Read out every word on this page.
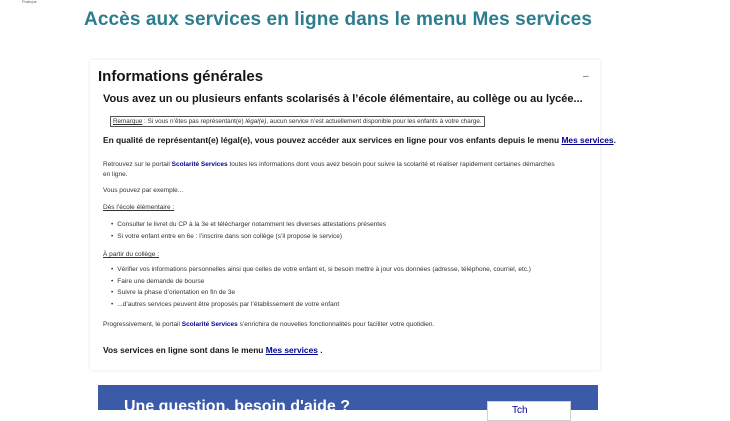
Pratique
Accès aux services en ligne dans le menu Mes services
Informations générales	–
Vous avez un ou plusieurs enfants scolarisés à l’école élémentaire, au collège ou au lycée...
Remarque : Si vous n’êtes pas représentant(e) légal(e), aucun service n’est actuellement disponible pour les enfants à votre charge.
En qualité de représentant(e) légal(e), vous pouvez accéder aux services en ligne pour vos enfants depuis le menu Mes services.
Retrouvez sur le portail Scolarité Services toutes les informations dont vous avez besoin pour suivre la scolarité et réaliser rapidement certaines démarches en ligne.
Vous pouvez par exemple...
Dès l’école élémentaire :
• Consulter le livret du CP à la 3e et télécharger notamment les diverses attestations présentes
• Si votre enfant entre en 6e : l’inscrire dans son collège (s’il propose le service)
À partir du collège :
• Vérifier vos informations personnelles ainsi que celles de votre enfant et, si besoin mettre à jour vos données (adresse, téléphone, courriel, etc.)
• Faire une demande de bourse
• Suivre la phase d’orientation en fin de 3e
• ...d’autres services peuvent être proposés par l’établissement de votre enfant
Progressivement, le portail Scolarité Services s’enrichira de nouvelles fonctionnalités pour faciliter votre quotidien.
Vos services en ligne sont dans le menu Mes services .
Une question, besoin d'aide ?	Tch
